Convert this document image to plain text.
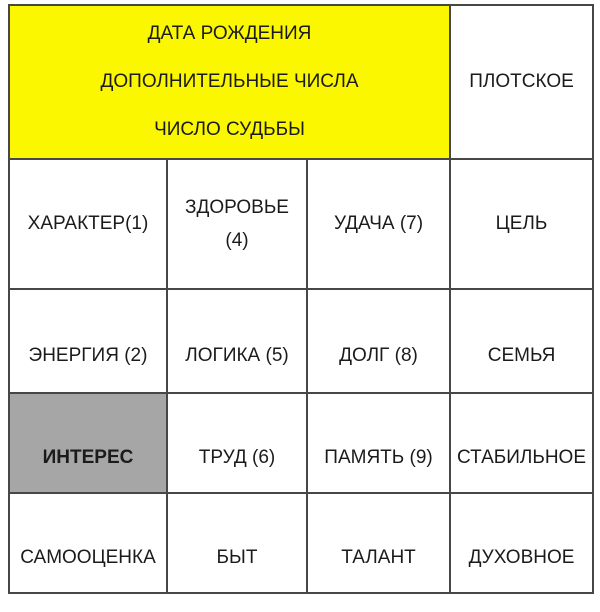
ДАТА РОЖДЕНИЯ
ДОПОЛНИТЕЛЬНЫЕ ЧИСЛА
ЧИСЛО СУДЬБЫ			ПЛОТСКОЕ
ХАРАКТЕР(1)	ЗДОРОВЬЕ (4)	УДАЧА (7)	ЦЕЛЬ
ЭНЕРГИЯ (2)	ЛОГИКА (5)	ДОЛГ (8)	СЕМЬЯ
ИНТЕРЕС	ТРУД (6)	ПАМЯТЬ (9)	СТАБИЛЬНОЕ
САМООЦЕНКА	БЫТ	ТАЛАНТ	ДУХОВНОЕ
